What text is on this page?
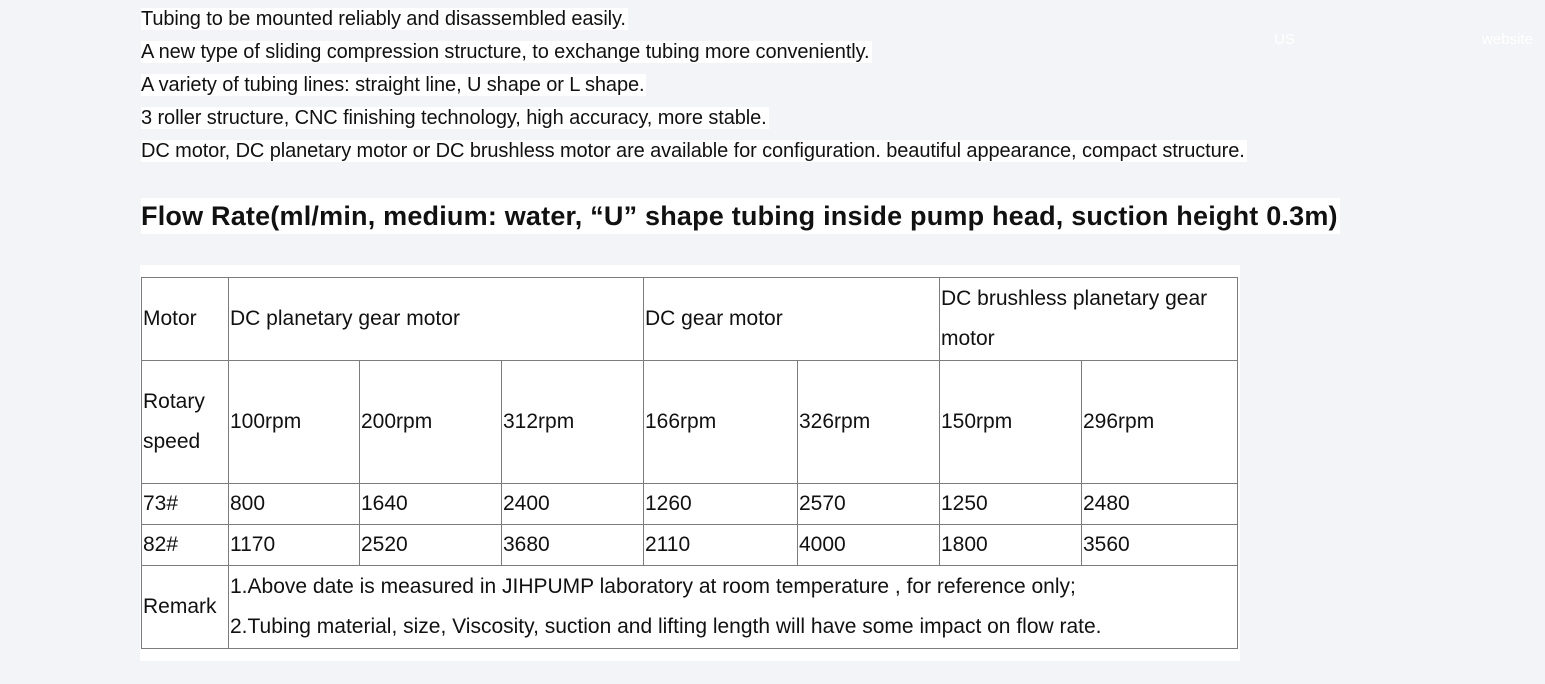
US	website
Tubing to be mounted reliably and disassembled easily.
A new type of sliding compression structure, to exchange tubing more conveniently.
A variety of tubing lines: straight line, U shape or L shape.
3 roller structure, CNC finishing technology, high accuracy, more stable.
DC motor, DC planetary motor or DC brushless motor are available for configuration. beautiful appearance, compact structure.
Flow Rate(ml/min, medium: water, “U” shape tubing inside pump head, suction height 0.3m)
Motor	DC planetary gear motor			DC gear motor		DC brushless planetary gear motor	
Rotary speed	100rpm	200rpm	312rpm	166rpm	326rpm	150rpm	296rpm
73#	800	1640	2400	1260	2570	1250	2480
82#	1170	2520	3680	2110	4000	1800	3560
Remark	1.Above date is measured in JIHPUMP laboratory at room temperature , for reference only;
2.Tubing material, size, Viscosity, suction and lifting length will have some impact on flow rate.						
